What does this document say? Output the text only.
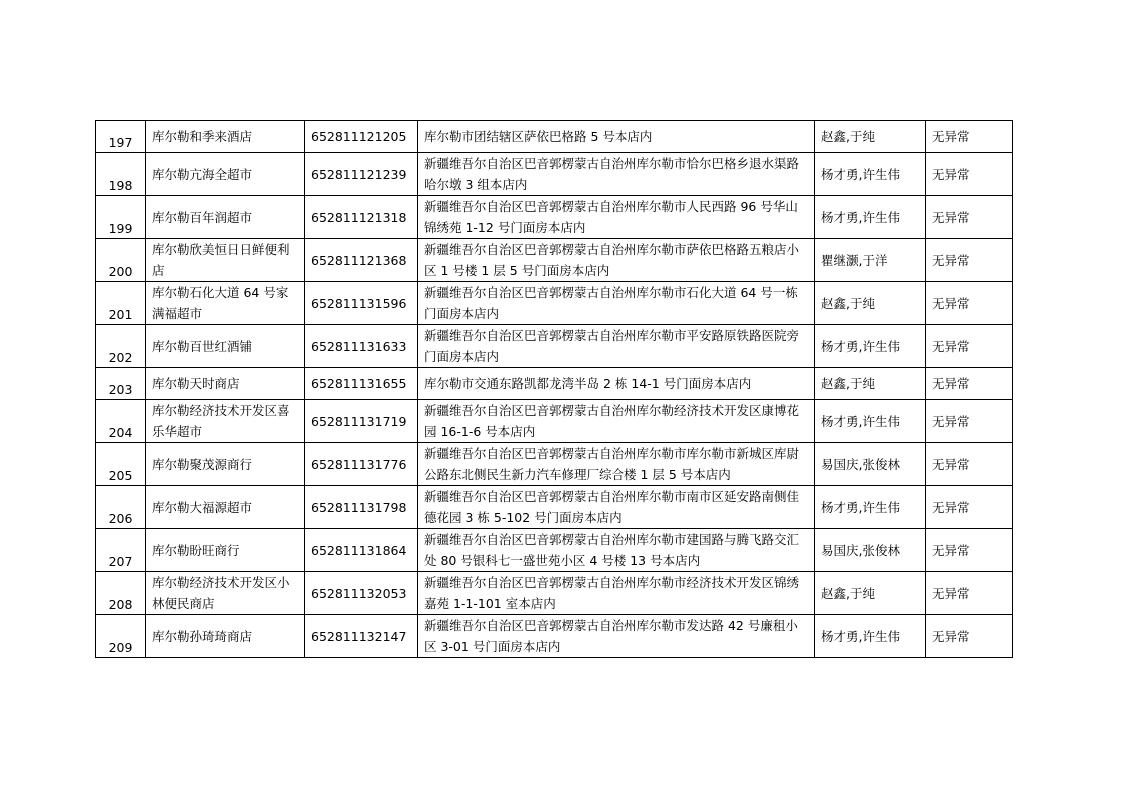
197	库尔勒和季来酒店	652811121205	库尔勒市团结辖区萨依巴格路 5 号本店内	赵鑫,于纯	无异常
198	库尔勒亢海全超市	652811121239	新疆维吾尔自治区巴音郭楞蒙古自治州库尔勒市恰尔巴格乡退水渠路哈尔墩 3 组本店内	杨才勇,许生伟	无异常
199	库尔勒百年润超市	652811121318	新疆维吾尔自治区巴音郭楞蒙古自治州库尔勒市人民西路 96 号华山锦绣苑 1-12 号门面房本店内	杨才勇,许生伟	无异常
200	库尔勒欣美恒日日鲜便利店	652811121368	新疆维吾尔自治区巴音郭楞蒙古自治州库尔勒市萨依巴格路五粮店小区 1 号楼 1 层 5 号门面房本店内	瞿继灏,于洋	无异常
201	库尔勒石化大道 64 号家满福超市	652811131596	新疆维吾尔自治区巴音郭楞蒙古自治州库尔勒市石化大道 64 号一栋门面房本店内	赵鑫,于纯	无异常
202	库尔勒百世红酒铺	652811131633	新疆维吾尔自治区巴音郭楞蒙古自治州库尔勒市平安路原铁路医院旁门面房本店内	杨才勇,许生伟	无异常
203	库尔勒天时商店	652811131655	库尔勒市交通东路凯都龙湾半岛 2 栋 14-1 号门面房本店内	赵鑫,于纯	无异常
204	库尔勒经济技术开发区喜乐华超市	652811131719	新疆维吾尔自治区巴音郭楞蒙古自治州库尔勒经济技术开发区康博花园 16-1-6 号本店内	杨才勇,许生伟	无异常
205	库尔勒聚茂源商行	652811131776	新疆维吾尔自治区巴音郭楞蒙古自治州库尔勒市库尔勒市新城区库尉公路东北侧民生新力汽车修理厂综合楼 1 层 5 号本店内	易国庆,张俊林	无异常
206	库尔勒大福源超市	652811131798	新疆维吾尔自治区巴音郭楞蒙古自治州库尔勒市南市区延安路南侧佳德花园 3 栋 5-102 号门面房本店内	杨才勇,许生伟	无异常
207	库尔勒盼旺商行	652811131864	新疆维吾尔自治区巴音郭楞蒙古自治州库尔勒市建国路与腾飞路交汇处 80 号银科七一盛世苑小区 4 号楼 13 号本店内	易国庆,张俊林	无异常
208	库尔勒经济技术开发区小林便民商店	652811132053	新疆维吾尔自治区巴音郭楞蒙古自治州库尔勒市经济技术开发区锦绣嘉苑 1-1-101 室本店内	赵鑫,于纯	无异常
209	库尔勒孙琦琦商店	652811132147	新疆维吾尔自治区巴音郭楞蒙古自治州库尔勒市发达路 42 号廉租小区 3-01 号门面房本店内	杨才勇,许生伟	无异常
